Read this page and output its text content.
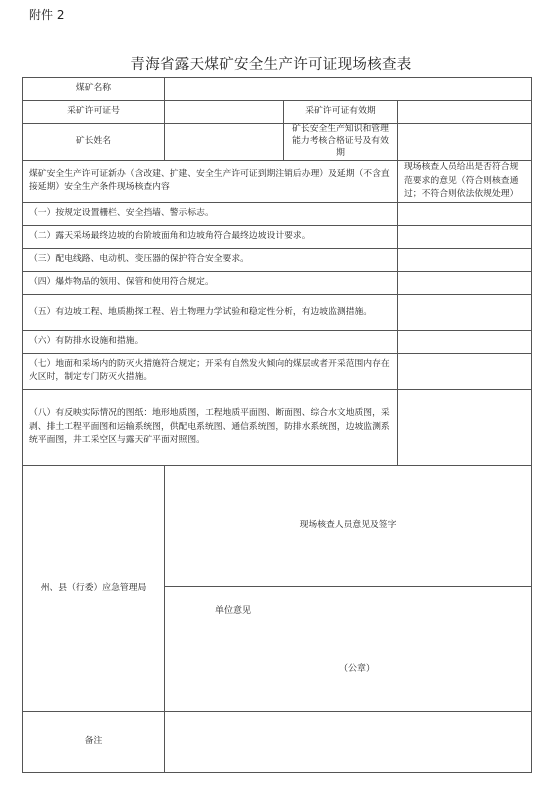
附件 2
青海省露天煤矿安全生产许可证现场核查表
煤矿名称			
采矿许可证号		采矿许可证有效期	
矿长姓名		矿长安全生产知识和管理能力考核合格证号及有效期	
煤矿安全生产许可证新办（含改建、扩建、安全生产许可证到期注销后办理）及延期（不含直接延期）安全生产条件现场核查内容			现场核查人员给出是否符合规范要求的意见（符合则核查通过；不符合则依法依规处理）
（一）按规定设置栅栏、安全挡墙、警示标志。			
（二）露天采场最终边坡的台阶坡面角和边坡角符合最终边坡设计要求。			
（三）配电线路、电动机、变压器的保护符合安全要求。			
（四）爆炸物品的领用、保管和使用符合规定。			
（五）有边坡工程、地质勘探工程、岩土物理力学试验和稳定性分析，有边坡监测措施。			
（六）有防排水设施和措施。			
（七）地面和采场内的防灭火措施符合规定；开采有自然发火倾向的煤层或者开采范围内存在火区时，制定专门防灭火措施。			
（八）有反映实际情况的图纸：地形地质图，工程地质平面图、断面图、综合水文地质图，采剥、排土工程平面图和运输系统图，供配电系统图、通信系统图，防排水系统图，边坡监测系统平面图，井工采空区与露天矿平面对照图。			
州、县（行委）应急管理局	现场核查人员意见及签字		

	单位意见
（公章）		

备注			
